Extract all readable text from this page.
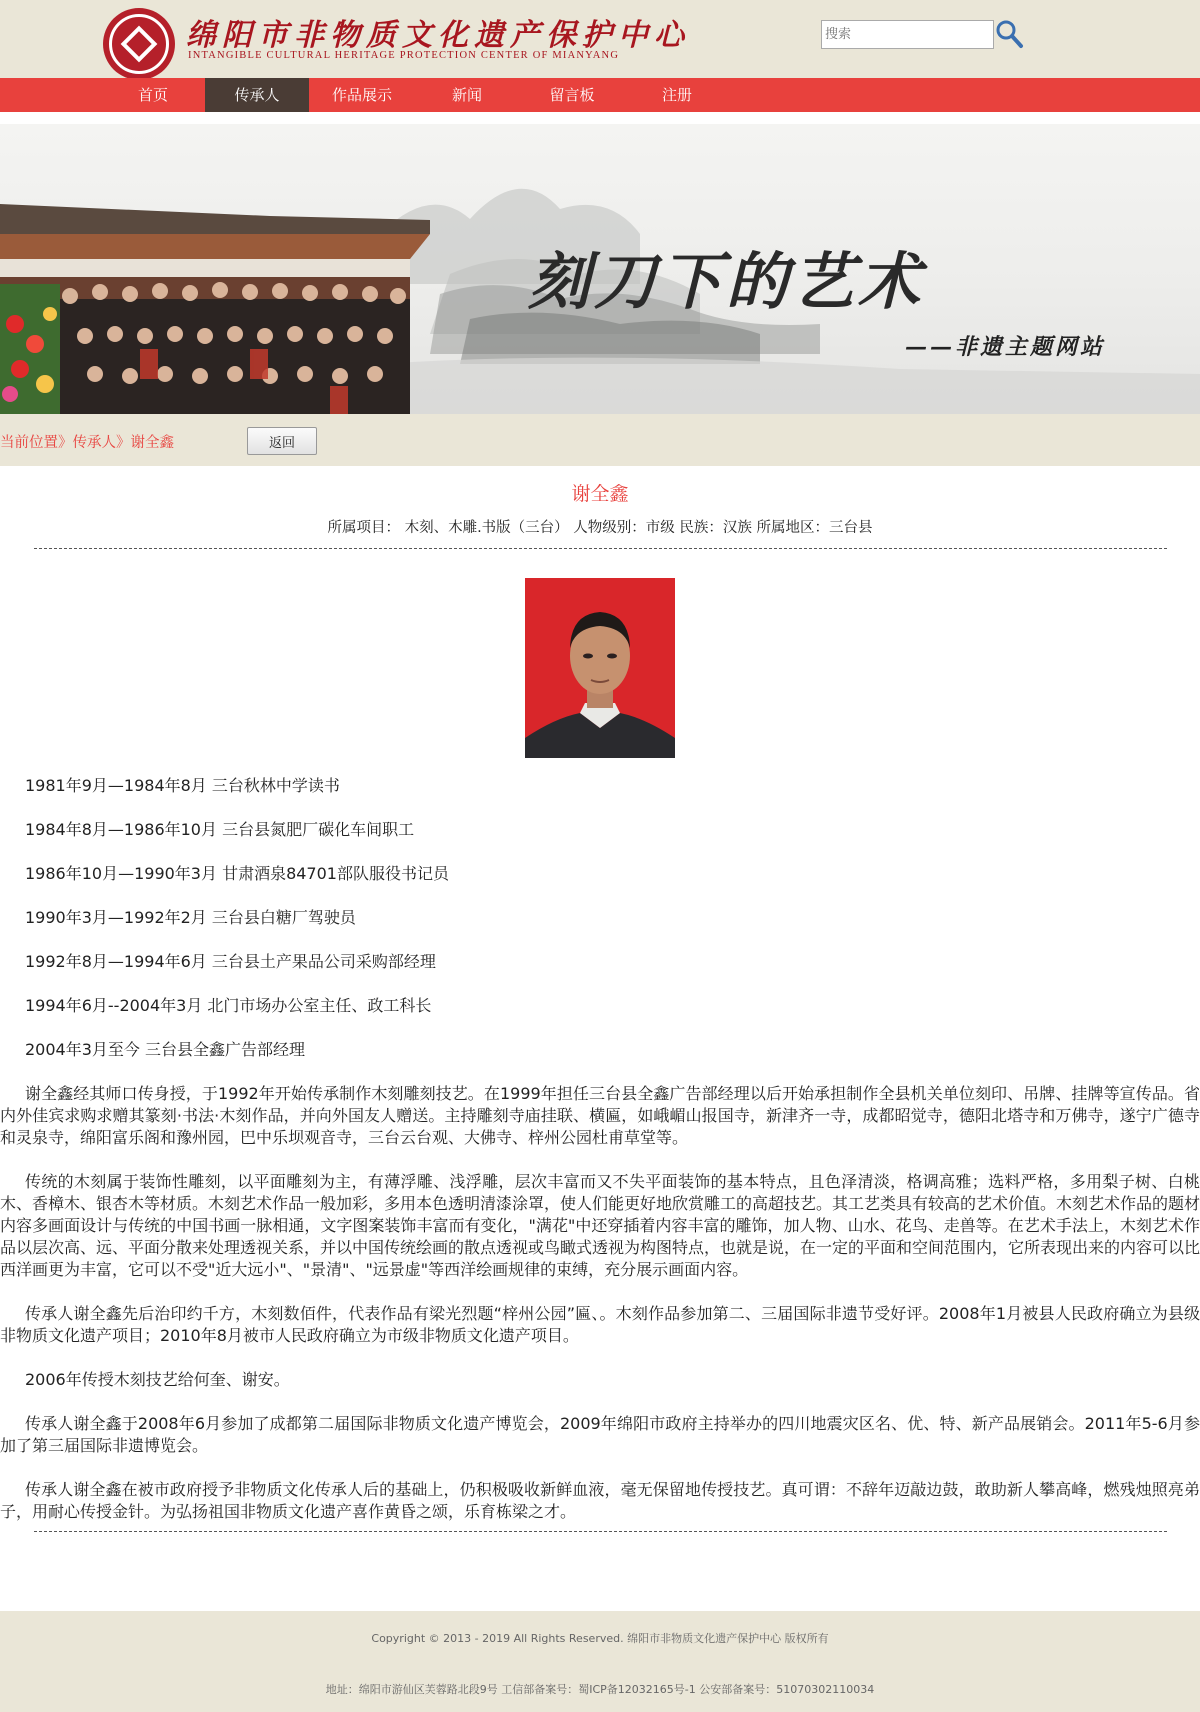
绵阳市非物质文化遗产保护中心
INTANGIBLE CULTURAL HERITAGE PROTECTION CENTER OF MIANYANG
搜索
首页	传承人	作品展示	新闻	留言板	注册
刻刀下的艺术
——非遗主题网站
当前位置》传承人》谢全鑫	返回
谢全鑫
所属项目： 木刻、木雕.书版（三台） 人物级别：市级 民族：汉族 所属地区：三台县
1981年9月—1984年8月 三台秋林中学读书
1984年8月—1986年10月 三台县氮肥厂碳化车间职工
1986年10月—1990年3月 甘肃酒泉84701部队服役书记员
1990年3月—1992年2月 三台县白糖厂驾驶员
1992年8月—1994年6月 三台县土产果品公司采购部经理
1994年6月--2004年3月 北门市场办公室主任、政工科长
2004年3月至今 三台县全鑫广告部经理

谢全鑫经其师口传身授，于1992年开始传承制作木刻雕刻技艺。在1999年担任三台县全鑫广告部经理以后开始承担制作全县机关单位刻印、吊牌、挂牌等宣传品。省内外佳宾求购求赠其篆刻·书法·木刻作品，并向外国友人赠送。主持雕刻寺庙挂联、横匾，如峨嵋山报国寺，新津齐一寺，成都昭觉寺，德阳北塔寺和万佛寺，遂宁广德寺和灵泉寺，绵阳富乐阁和豫州园，巴中乐坝观音寺，三台云台观、大佛寺、梓州公园杜甫草堂等。

传统的木刻属于装饰性雕刻，以平面雕刻为主，有薄浮雕、浅浮雕，层次丰富而又不失平面装饰的基本特点，且色泽清淡，格调高雅；选料严格，多用梨子树、白桃木、香樟木、银杏木等材质。木刻艺术作品一般加彩，多用本色透明清漆涂罩，使人们能更好地欣赏雕工的高超技艺。其工艺类具有较高的艺术价值。木刻艺术作品的题材内容多画面设计与传统的中国书画一脉相通，文字图案装饰丰富而有变化，"满花"中还穿插着内容丰富的雕饰，加人物、山水、花鸟、走兽等。在艺术手法上，木刻艺术作品以层次高、远、平面分散来处理透视关系，并以中国传统绘画的散点透视或鸟瞰式透视为构图特点，也就是说，在一定的平面和空间范围内，它所表现出来的内容可以比西洋画更为丰富，它可以不受"近大远小"、"景清"、"远景虚"等西洋绘画规律的束缚，充分展示画面内容。

传承人谢全鑫先后治印约千方，木刻数佰件，代表作品有梁光烈题“梓州公园”匾、。木刻作品参加第二、三届国际非遗节受好评。2008年1月被县人民政府确立为县级非物质文化遗产项目；2010年8月被市人民政府确立为市级非物质文化遗产项目。

2006年传授木刻技艺给何奎、谢安。

传承人谢全鑫于2008年6月参加了成都第二届国际非物质文化遗产博览会，2009年绵阳市政府主持举办的四川地震灾区名、优、特、新产品展销会。2011年5-6月参加了第三届国际非遗博览会。

传承人谢全鑫在被市政府授予非物质文化传承人后的基础上，仍积极吸收新鲜血液，毫无保留地传授技艺。真可谓：不辞年迈敲边鼓，敢助新人攀高峰，燃残烛照亮弟子，用耐心传授金针。为弘扬祖国非物质文化遗产喜作黄昏之颂，乐育栋梁之才。

Copyright © 2013 - 2019 All Rights Reserved. 绵阳市非物质文化遗产保护中心 版权所有
地址：绵阳市游仙区芙蓉路北段9号 工信部备案号：蜀ICP备12032165号-1 公安部备案号：51070302110034
